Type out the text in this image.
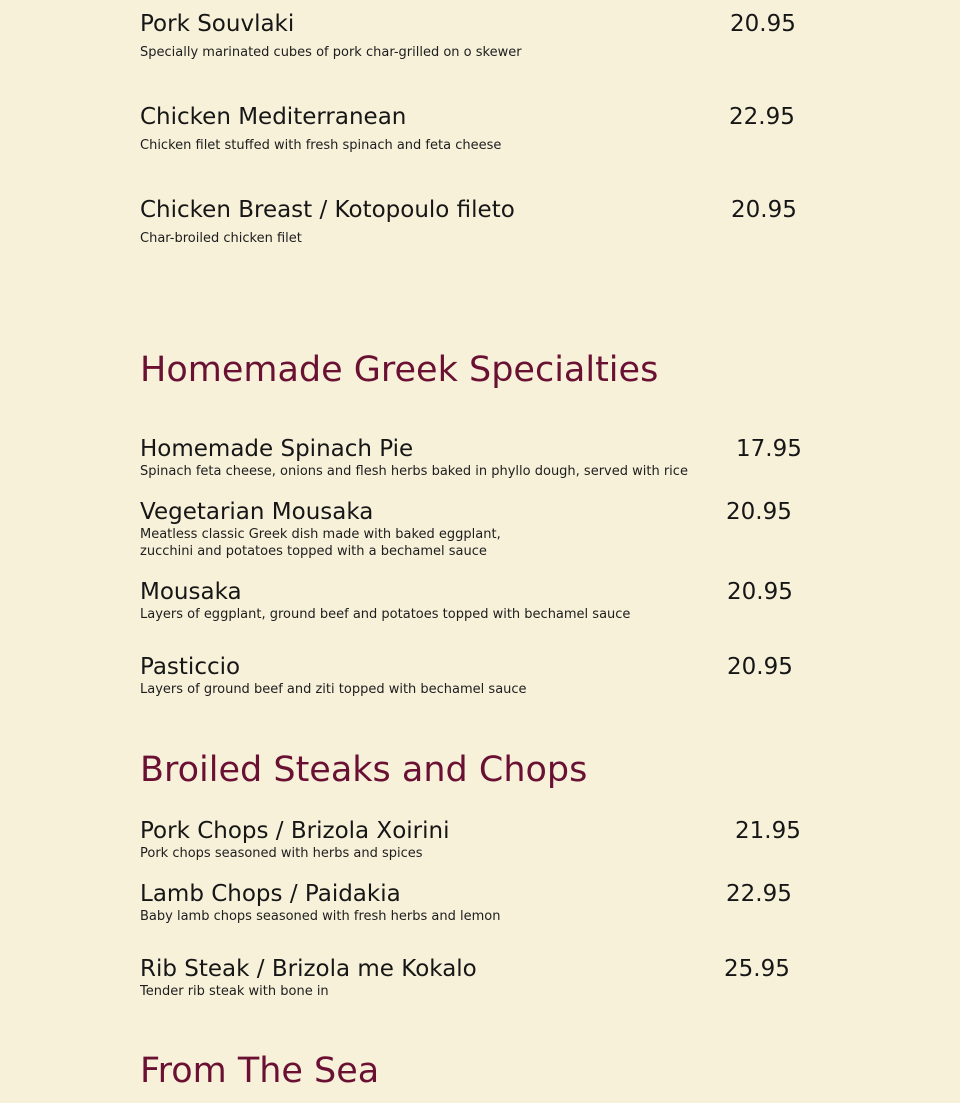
Pork Souvlaki	20.95
Specially marinated cubes of pork char-grilled on o skewer
Chicken Mediterranean	22.95
Chicken filet stuffed with fresh spinach and feta cheese
Chicken Breast / Kotopoulo fileto	20.95
Char-broiled chicken filet
Homemade Greek Specialties
Homemade Spinach Pie	17.95
Spinach feta cheese, onions and flesh herbs baked in phyllo dough, served with rice
Vegetarian Mousaka	20.95
Meatless classic Greek dish made with baked eggplant,
zucchini and potatoes topped with a bechamel sauce
Mousaka	20.95
Layers of eggplant, ground beef and potatoes topped with bechamel sauce
Pasticcio	20.95
Layers of ground beef and ziti topped with bechamel sauce
Broiled Steaks and Chops
Pork Chops / Brizola Xoirini	21.95
Pork chops seasoned with herbs and spices
Lamb Chops / Paidakia	22.95
Baby lamb chops seasoned with fresh herbs and lemon
Rib Steak / Brizola me Kokalo	25.95
Tender rib steak with bone in
From The Sea
